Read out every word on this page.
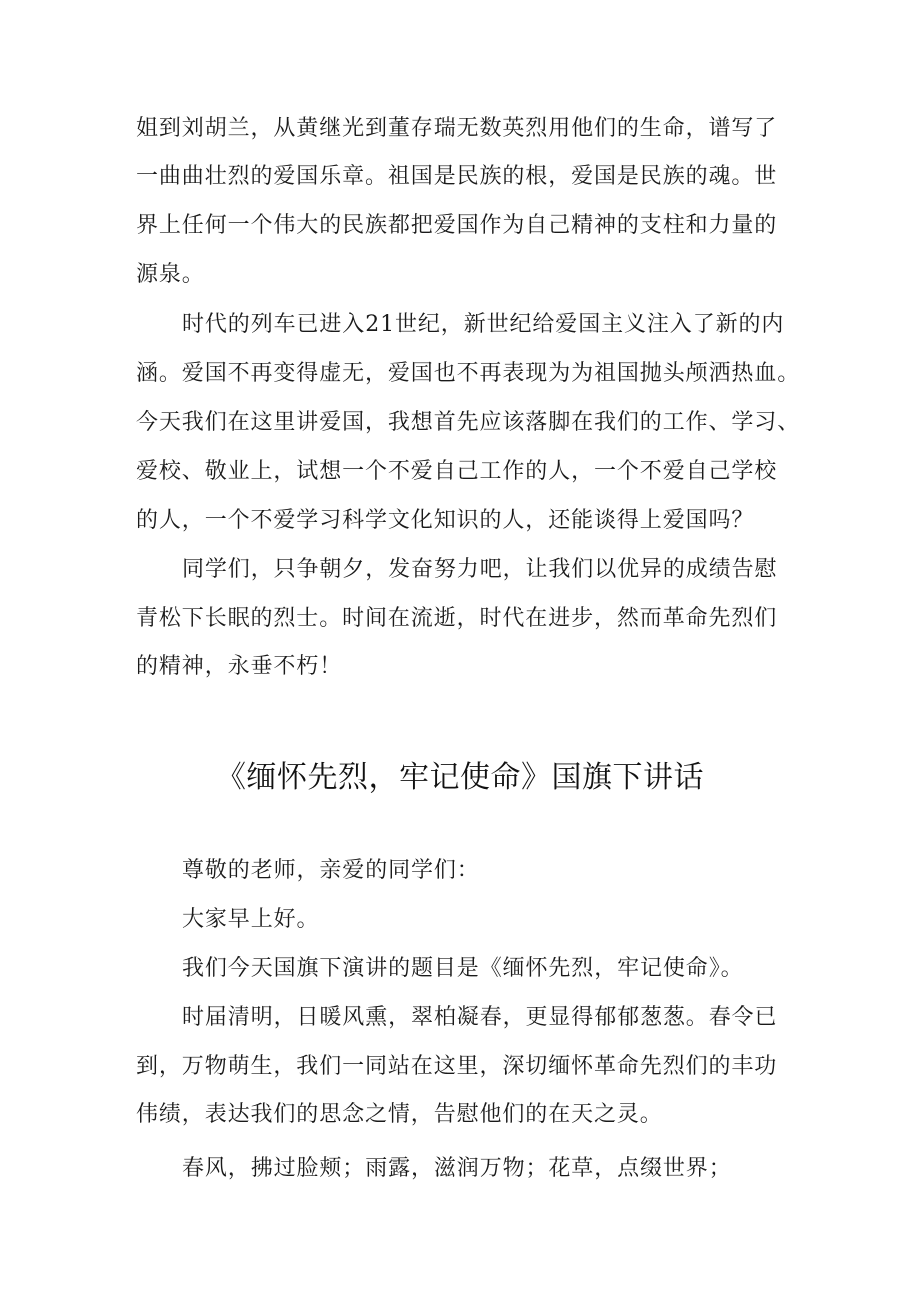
姐到刘胡兰，从黄继光到董存瑞无数英烈用他们的生命，谱写了
一曲曲壮烈的爱国乐章。祖国是民族的根，爱国是民族的魂。世
界上任何一个伟大的民族都把爱国作为自己精神的支柱和力量的
源泉。
时代的列车已进入21世纪，新世纪给爱国主义注入了新的内
涵。爱国不再变得虚无，爱国也不再表现为为祖国抛头颅洒热血。
今天我们在这里讲爱国，我想首先应该落脚在我们的工作、学习、
爱校、敬业上，试想一个不爱自己工作的人，一个不爱自己学校
的人，一个不爱学习科学文化知识的人，还能谈得上爱国吗？
同学们，只争朝夕，发奋努力吧，让我们以优异的成绩告慰
青松下长眠的烈士。时间在流逝，时代在进步，然而革命先烈们
的精神，永垂不朽！
《缅怀先烈，牢记使命》国旗下讲话
尊敬的老师，亲爱的同学们：
大家早上好。
我们今天国旗下演讲的题目是《缅怀先烈，牢记使命》。
时届清明，日暖风熏，翠柏凝春，更显得郁郁葱葱。春令已
到，万物萌生，我们一同站在这里，深切缅怀革命先烈们的丰功
伟绩，表达我们的思念之情，告慰他们的在天之灵。
春风，拂过脸颊；雨露，滋润万物；花草，点缀世界；
